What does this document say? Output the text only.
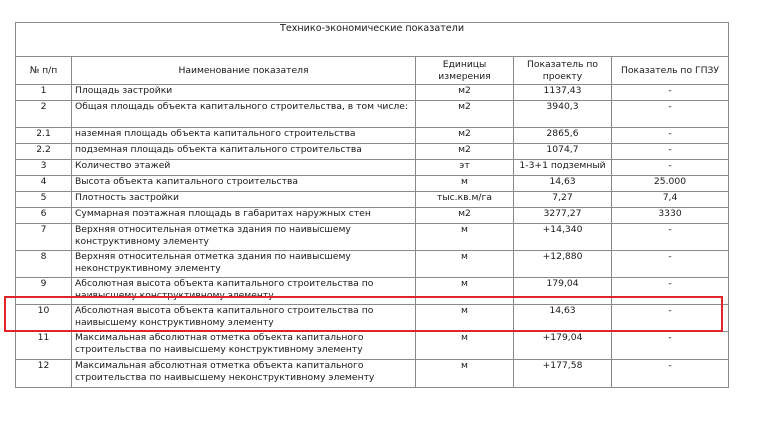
Технико-экономические показатели				
№ п/п	Наименование показателя	Единицы измерения	Показатель по проекту	Показатель по ГПЗУ
1	Площадь застройки	м2	1137,43	-
2	Общая площадь объекта капитального строительства, в том числе:	м2	3940,3	-
2.1	наземная площадь объекта капитального строительства	м2	2865,6	-
2.2	подземная площадь объекта капитального строительства	м2	1074,7	-
3	Количество этажей	эт	1-3+1 подземный	-
4	Высота объекта капитального строительства	м	14,63	25.000
5	Плотность застройки	тыс.кв.м/га	7,27	7,4
6	Суммарная поэтажная площадь в габаритах наружных стен	м2	3277,27	3330
7	Верхняя относительная отметка здания по наивысшему конструктивному элементу	м	+14,340	-
8	Верхняя относительная отметка здания по наивысшему неконструктивному элементу	м	+12,880	-
9	Абсолютная высота объекта капитального строительства по наивысшему конструктивному элементу	м	179,04	-
10	Абсолютная высота объекта капитального строительства по наивысшему конструктивному элементу	м	14,63	-
11	Максимальная абсолютная отметка объекта капитального строительства по наивысшему конструктивному элементу	м	+179,04	-
12	Максимальная абсолютная отметка объекта капитального строительства по наивысшему неконструктивному элементу	м	+177,58	-
